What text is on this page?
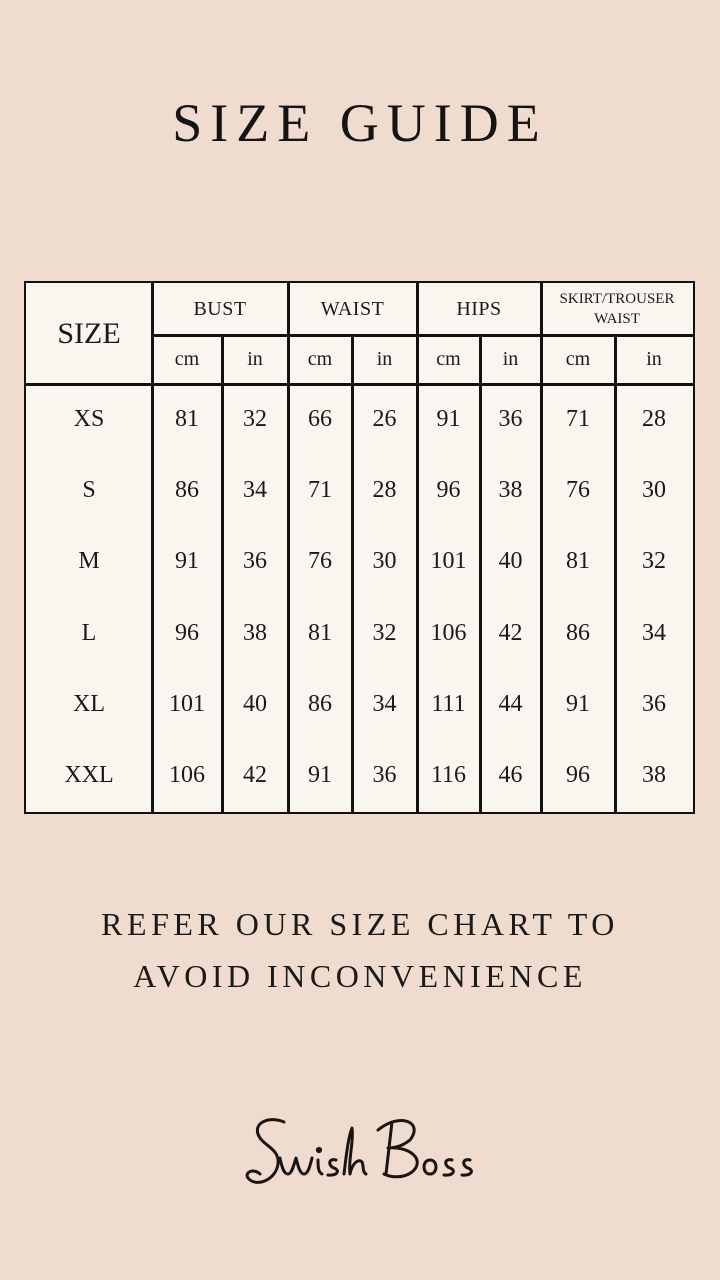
SIZE GUIDE
SIZE
BUST	WAIST	HIPS	SKIRT/TROUSER
WAIST
cm	in	cm	in	cm	in	cm	in
XS	81	32	66	26	91	36	71	28
S	86	34	71	28	96	38	76	30
M	91	36	76	30	101	40	81	32
L	96	38	81	32	106	42	86	34
XL	101	40	86	34	111	44	91	36
XXL	106	42	91	36	116	46	96	38
REFER OUR SIZE CHART TO
AVOID INCONVENIENCE
